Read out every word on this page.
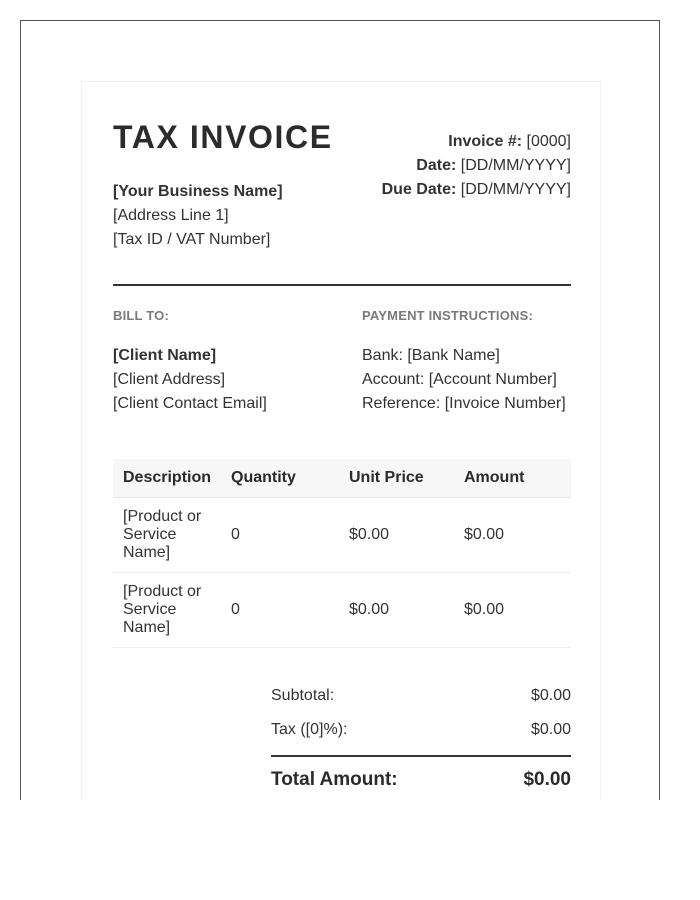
TAX INVOICE
[Your Business Name]
[Address Line 1]
[Tax ID / VAT Number]
Invoice #: [0000]
Date: [DD/MM/YYYY]
Due Date: [DD/MM/YYYY]
BILL TO:
[Client Name]
[Client Address]
[Client Contact Email]
PAYMENT INSTRUCTIONS:
Bank: [Bank Name]
Account: [Account Number]
Reference: [Invoice Number]
Description	Quantity	Unit Price	Amount
[Product or Service Name]	0	$0.00	$0.00
[Product or Service Name]	0	$0.00	$0.00
Subtotal:	$0.00
Tax ([0]%):	$0.00
Total Amount:	$0.00
